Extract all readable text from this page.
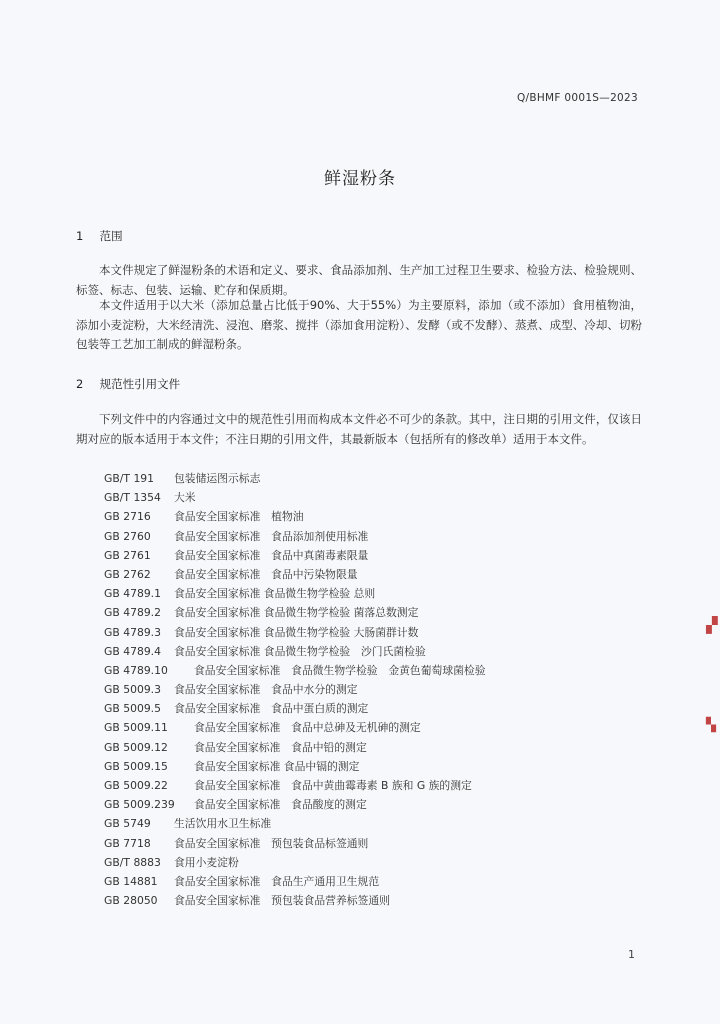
Q/BHMF 0001S—2023
鲜湿粉条
1 范围
本文件规定了鲜湿粉条的术语和定义、要求、食品添加剂、生产加工过程卫生要求、检验方法、检验规则、标签、标志、包装、运输、贮存和保质期。
本文件适用于以大米（添加总量占比低于90%、大于55%）为主要原料，添加（或不添加）食用植物油，添加小麦淀粉，大米经清洗、浸泡、磨浆、搅拌（添加食用淀粉）、发酵（或不发酵）、蒸煮、成型、冷却、切粉包装等工艺加工制成的鲜湿粉条。
2 规范性引用文件
下列文件中的内容通过文中的规范性引用而构成本文件必不可少的条款。其中，注日期的引用文件，仅该日期对应的版本适用于本文件；不注日期的引用文件，其最新版本（包括所有的修改单）适用于本文件。
GB/T 191 包装储运图示标志
GB/T 1354 大米
GB 2716 食品安全国家标准　植物油
GB 2760 食品安全国家标准　食品添加剂使用标准
GB 2761 食品安全国家标准　食品中真菌毒素限量
GB 2762 食品安全国家标准　食品中污染物限量
GB 4789.1 食品安全国家标准 食品微生物学检验 总则
GB 4789.2 食品安全国家标准 食品微生物学检验 菌落总数测定
GB 4789.3 食品安全国家标准 食品微生物学检验 大肠菌群计数
GB 4789.4 食品安全国家标准 食品微生物学检验　沙门氏菌检验
GB 4789.10 食品安全国家标准　食品微生物学检验　金黄色葡萄球菌检验
GB 5009.3 食品安全国家标准　食品中水分的测定
GB 5009.5 食品安全国家标准　食品中蛋白质的测定
GB 5009.11 食品安全国家标准　食品中总砷及无机砷的测定
GB 5009.12 食品安全国家标准　食品中铅的测定
GB 5009.15 食品安全国家标准 食品中镉的测定
GB 5009.22 食品安全国家标准　食品中黄曲霉毒素 B 族和 G 族的测定
GB 5009.239 食品安全国家标准　食品酸度的测定
GB 5749 生活饮用水卫生标准
GB 7718 食品安全国家标准　预包装食品标签通则
GB/T 8883 食用小麦淀粉
GB 14881 食品安全国家标准　食品生产通用卫生规范
GB 28050 食品安全国家标准　预包装食品营养标签通则
1
▞
▚
